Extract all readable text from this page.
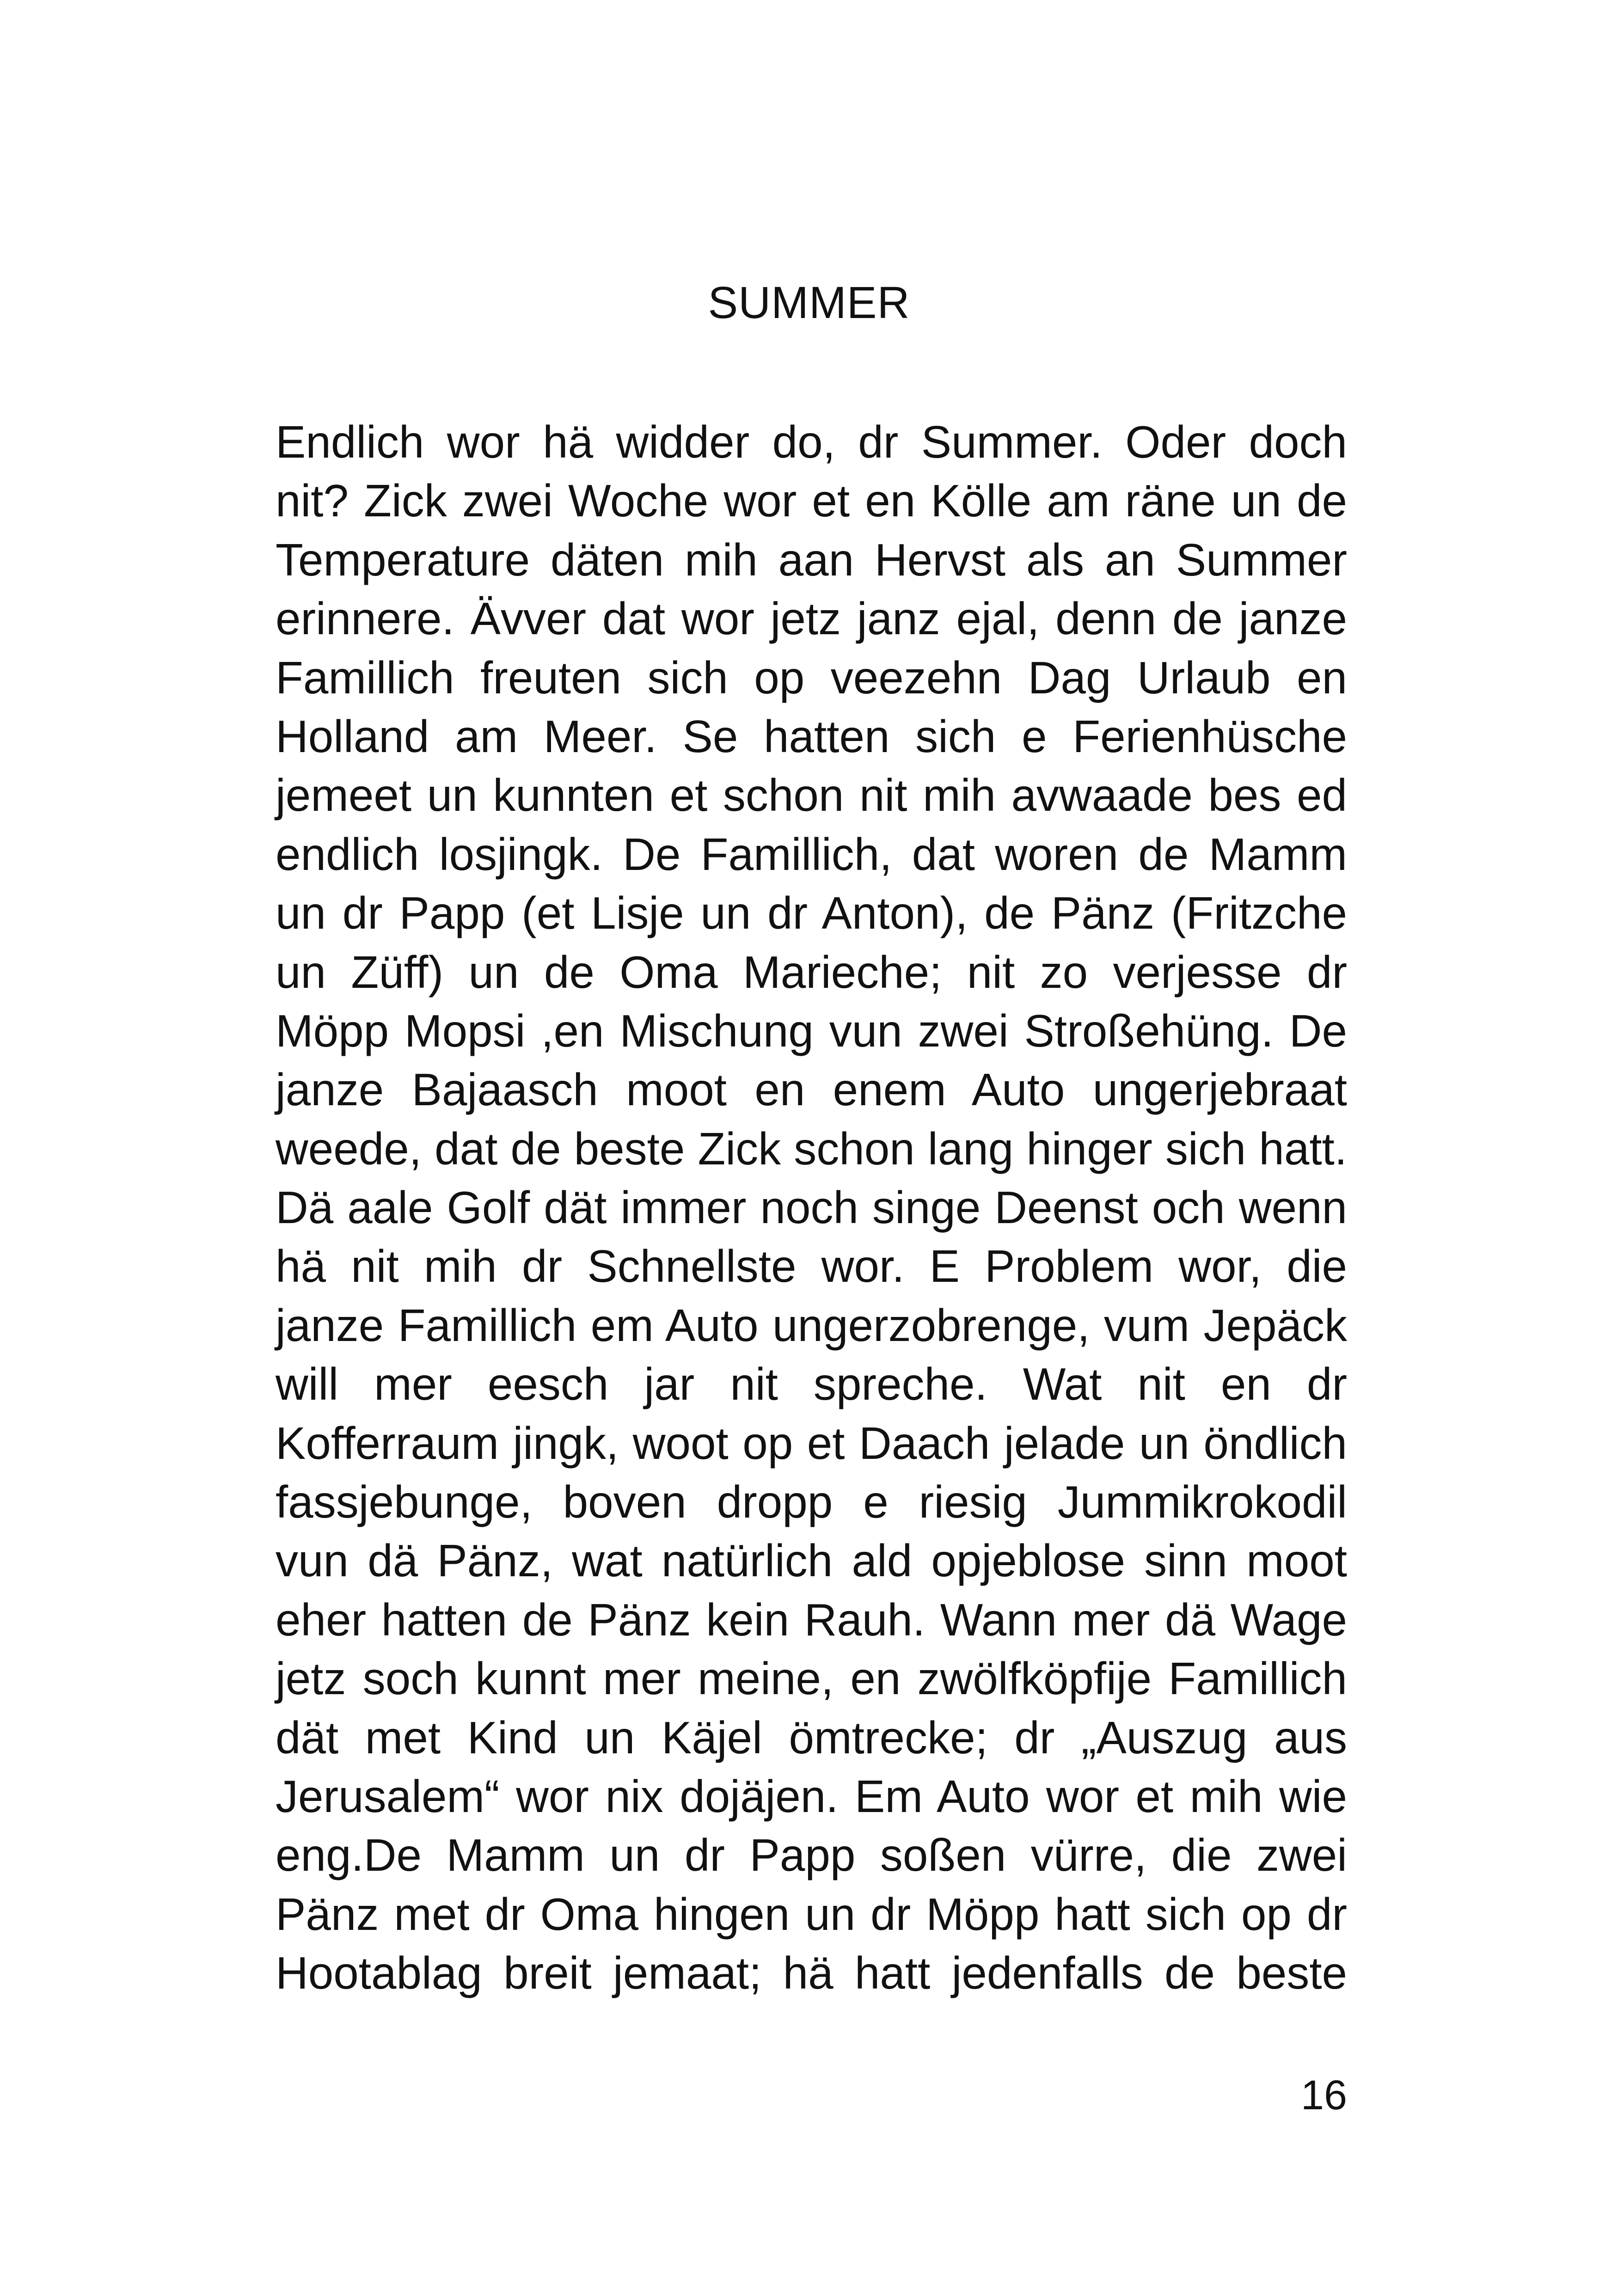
SUMMER
Endlich wor hä widder do, dr Summer. Oder doch
nit? Zick zwei Woche wor et en Kölle am räne un de
Temperature däten mih aan Hervst als an Summer
erinnere. Ävver dat wor jetz janz ejal, denn de janze
Famillich freuten sich op veezehn Dag Urlaub en
Holland am Meer. Se hatten sich e Ferienhüsche
jemeet un kunnten et schon nit mih avwaade bes ed
endlich losjingk. De Famillich, dat woren de Mamm
un dr Papp (et Lisje un dr Anton), de Pänz (Fritzche
un Züff) un de Oma Marieche; nit zo verjesse dr
Möpp Mopsi ,en Mischung vun zwei Stroßehüng. De
janze Bajaasch moot en enem Auto ungerjebraat
weede, dat de beste Zick schon lang hinger sich hatt.
Dä aale Golf dät immer noch singe Deenst och wenn
hä nit mih dr Schnellste wor. E Problem wor, die
janze Famillich em Auto ungerzobrenge, vum Jepäck
will mer eesch jar nit spreche. Wat nit en dr
Kofferraum jingk, woot op et Daach jelade un öndlich
fassjebunge, boven dropp e riesig Jummikrokodil
vun dä Pänz, wat natürlich ald opjeblose sinn moot
eher hatten de Pänz kein Rauh. Wann mer dä Wage
jetz soch kunnt mer meine, en zwölfköpfije Famillich
dät met Kind un Käjel ömtrecke; dr „Auszug aus
Jerusalem“ wor nix dojäjen. Em Auto wor et mih wie
eng.De Mamm un dr Papp soßen vürre, die zwei
Pänz met dr Oma hingen un dr Möpp hatt sich op dr
Hootablag breit jemaat; hä hatt jedenfalls de beste
16
